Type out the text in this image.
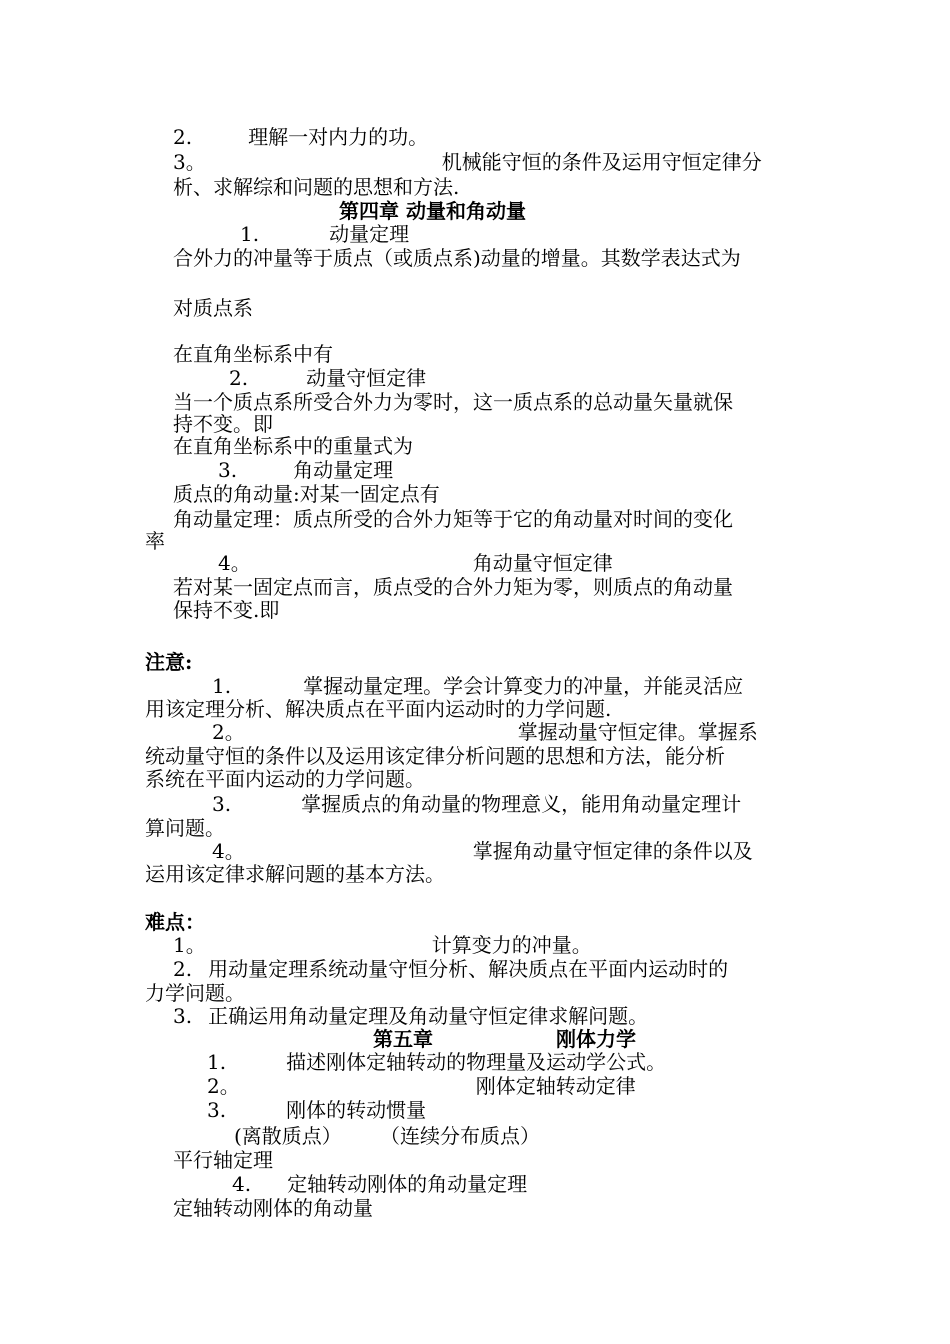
2.	理解一对内力的功。
3。	机械能守恒的条件及运用守恒定律分
析、求解综和问题的思想和方法.
第四章 动量和角动量
1.	动量定理
合外力的冲量等于质点（或质点系)动量的增量。其数学表达式为
对质点系
在直角坐标系中有
2.	动量守恒定律
当一个质点系所受合外力为零时，这一质点系的总动量矢量就保
持不变。即
在直角坐标系中的重量式为
3.	角动量定理
质点的角动量:对某一固定点有
角动量定理：质点所受的合外力矩等于它的角动量对时间的变化
率
4。	角动量守恒定律
若对某一固定点而言，质点受的合外力矩为零，则质点的角动量
保持不变.即
注意:
1.	掌握动量定理。学会计算变力的冲量，并能灵活应
用该定理分析、解决质点在平面内运动时的力学问题.
2。	掌握动量守恒定律。掌握系
统动量守恒的条件以及运用该定律分析问题的思想和方法，能分析
系统在平面内运动的力学问题。
3.	掌握质点的角动量的物理意义，能用角动量定理计
算问题。
4。	掌握角动量守恒定律的条件以及
运用该定律求解问题的基本方法。
难点：
1。	计算变力的冲量。
2. 用动量定理系统动量守恒分析、解决质点在平面内运动时的
力学问题。
3. 正确运用角动量定理及角动量守恒定律求解问题。
第五章	刚体力学
1.	描述刚体定轴转动的物理量及运动学公式。
2。	刚体定轴转动定律
3.	刚体的转动惯量
(离散质点） （连续分布质点）
平行轴定理
4. 定轴转动刚体的角动量定理
定轴转动刚体的角动量
